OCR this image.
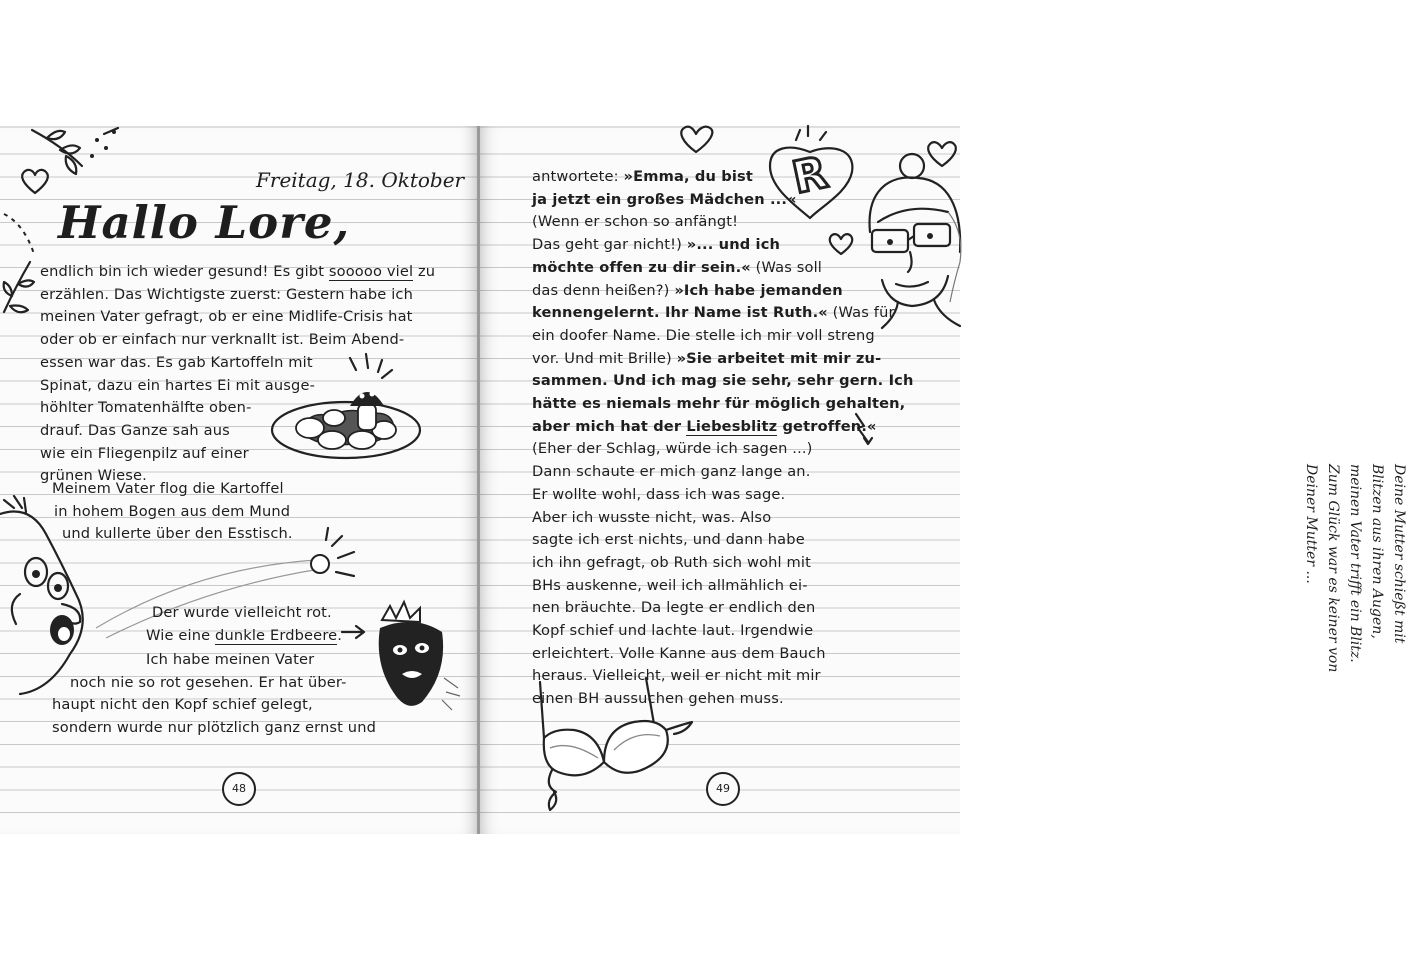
Freitag, 18. Oktober
Hallo Lore,
endlich bin ich wieder gesund! Es gibt sooooo viel zu
erzählen. Das Wichtigste zuerst: Gestern habe ich
meinen Vater gefragt, ob er eine Midlife-Crisis hat
oder ob er einfach nur verknallt ist. Beim Abend-
essen war das. Es gab Kartoffeln mit
Spinat, dazu ein hartes Ei mit ausge-
höhlter Tomatenhälfte oben-
drauf. Das Ganze sah aus
wie ein Fliegenpilz auf einer
grünen Wiese.
Meinem Vater flog die Kartoffel
in hohem Bogen aus dem Mund
und kullerte über den Esstisch.
Der wurde vielleicht rot.
Wie eine dunkle Erdbeere.
Ich habe meinen Vater
noch nie so rot gesehen. Er hat über-
haupt nicht den Kopf schief gelegt,
sondern wurde nur plötzlich ganz ernst und
48
R
antwortete: »Emma, du bist
ja jetzt ein großes Mädchen ...«
(Wenn er schon so anfängt!
Das geht gar nicht!) »... und ich
möchte offen zu dir sein.« (Was soll
das denn heißen?) »Ich habe jemanden
kennengelernt. Ihr Name ist Ruth.« (Was für
ein doofer Name. Die stelle ich mir voll streng
vor. Und mit Brille) »Sie arbeitet mit mir zu-
sammen. Und ich mag sie sehr, sehr gern. Ich
hätte es niemals mehr für möglich gehalten,
aber mich hat der Liebesblitz getroffen.«
(Eher der Schlag, würde ich sagen ...)
Dann schaute er mich ganz lange an.
Er wollte wohl, dass ich was sage.
Aber ich wusste nicht, was. Also
sagte ich erst nichts, und dann habe
ich ihn gefragt, ob Ruth sich wohl mit
BHs auskenne, weil ich allmählich ei-
nen bräuchte. Da legte er endlich den
Kopf schief und lachte laut. Irgendwie
erleichtert. Volle Kanne aus dem Bauch
heraus. Vielleicht, weil er nicht mit mir
einen BH aussuchen gehen muss.
Deine Mutter schießt mit Blitzen aus ihren Augen, meinen Vater trifft ein Blitz. Zum Glück war es keiner von Deiner Mutter ...
49
